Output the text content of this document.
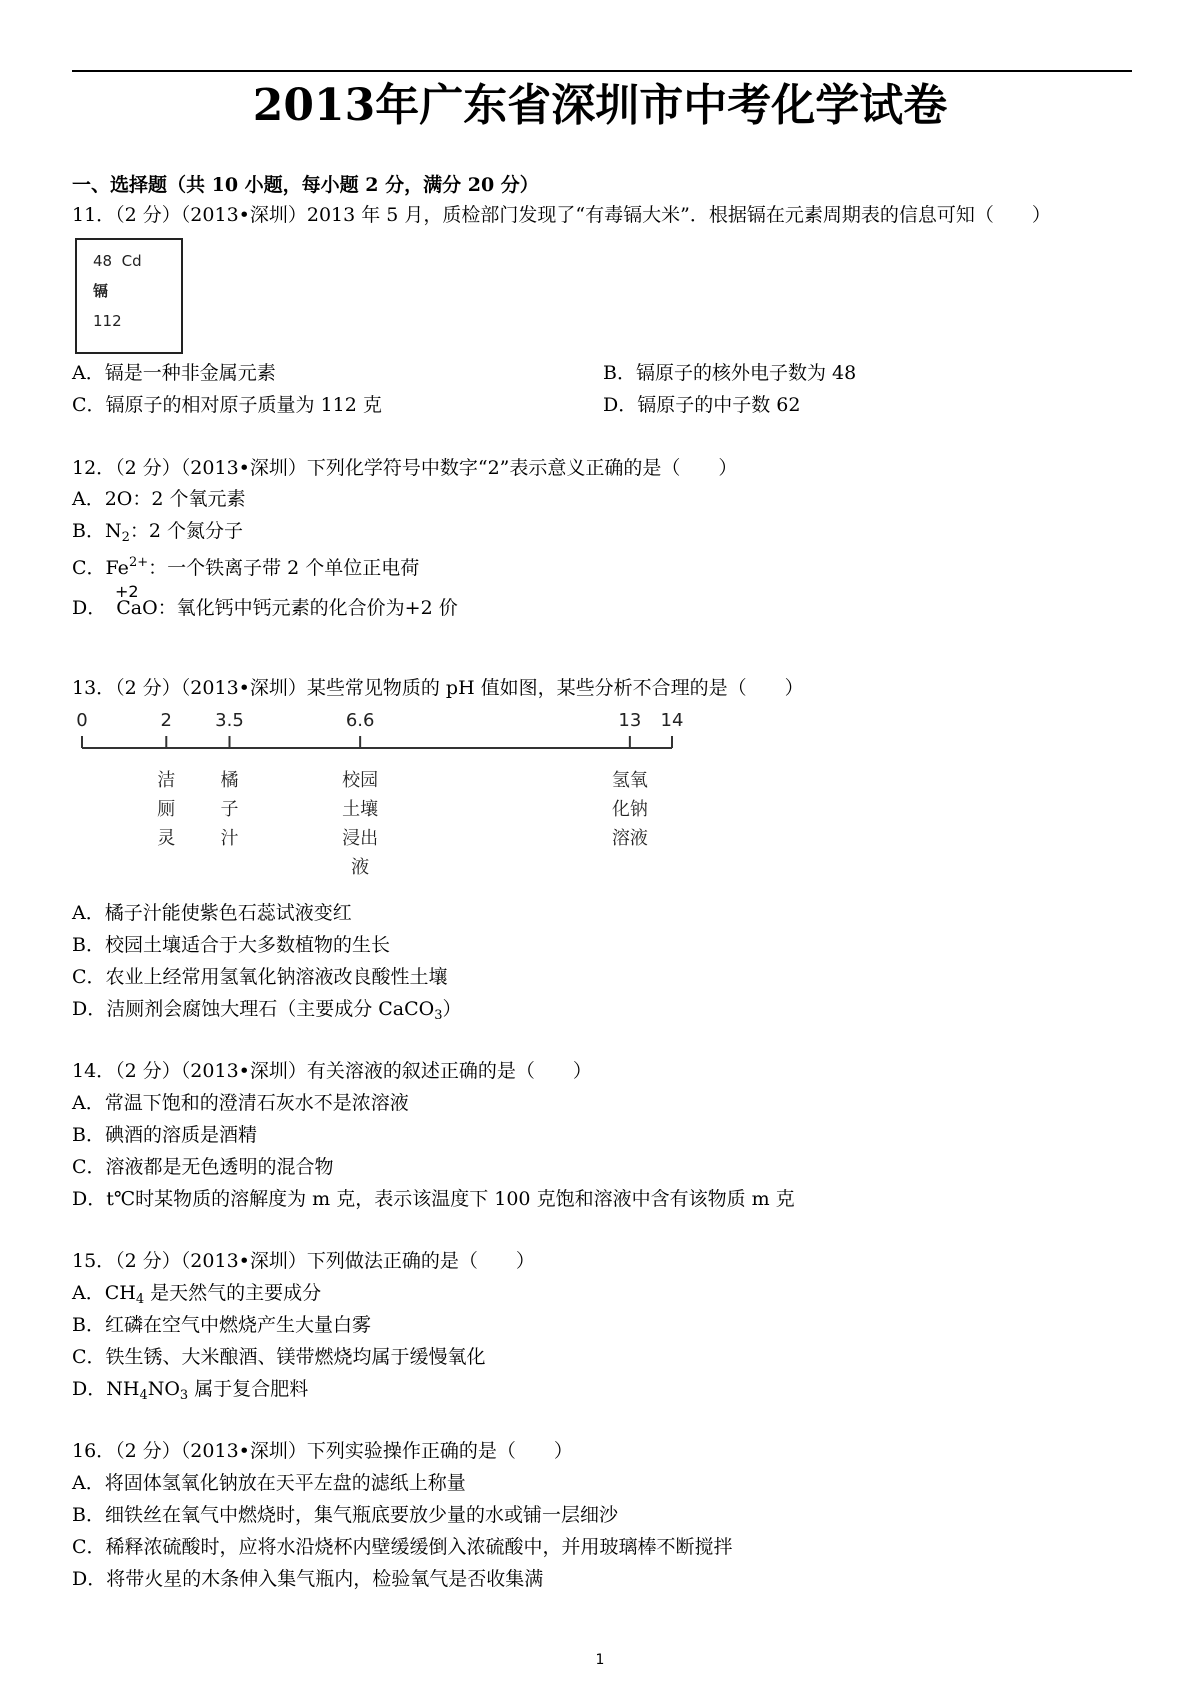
2013年广东省深圳市中考化学试卷
一、选择题（共 10 小题，每小题 2 分，满分 20 分）
11．（2 分）（2013•深圳）2013 年 5 月，质检部门发现了“有毒镉大米”．根据镉在元素周期表的信息可知（　　）
48 Cd
镉
112
A．镉是一种非金属元素	B．镉原子的核外电子数为 48
C．镉原子的相对原子质量为 112 克	D．镉原子的中子数 62
12．（2 分）（2013•深圳）下列化学符号中数字“2”表示意义正确的是（　　）
A．2O：2 个氧元素
B．$N_2$：2 个氮分子
C．$Fe^{2+}$：一个铁离子带 2 个单位正电荷
D． CaO：氧化钙中钙元素的化合价为+2 价
+2
13．（2 分）（2013•深圳）某些常见物质的 pH 值如图，某些分析不合理的是（　　）
0	2 3.5	6.6	13 14
洁
厕
灵
橘
子
汁
校园
土壤
浸出
液
氢氧
化钠
溶液
A．橘子汁能使紫色石蕊试液变红
B．校园土壤适合于大多数植物的生长
C．农业上经常用氢氧化钠溶液改良酸性土壤
D．洁厕剂会腐蚀大理石（主要成分 CaCO$_3$）
14．（2 分）（2013•深圳）有关溶液的叙述正确的是（　　）
A．常温下饱和的澄清石灰水不是浓溶液
B．碘酒的溶质是酒精
C．溶液都是无色透明的混合物
D．t℃时某物质的溶解度为 m 克，表示该温度下 100 克饱和溶液中含有该物质 m 克
15．（2 分）（2013•深圳）下列做法正确的是（　　）
A．$CH_4$ 是天然气的主要成分
B．红磷在空气中燃烧产生大量白雾
C．铁生锈、大米酿酒、镁带燃烧均属于缓慢氧化
D．$NH_4NO_3$ 属于复合肥料
16．（2 分）（2013•深圳）下列实验操作正确的是（　　）
A．将固体氢氧化钠放在天平左盘的滤纸上称量
B．细铁丝在氧气中燃烧时，集气瓶底要放少量的水或铺一层细沙
C．稀释浓硫酸时，应将水沿烧杯内壁缓缓倒入浓硫酸中，并用玻璃棒不断搅拌
D．将带火星的木条伸入集气瓶内，检验氧气是否收集满
1
